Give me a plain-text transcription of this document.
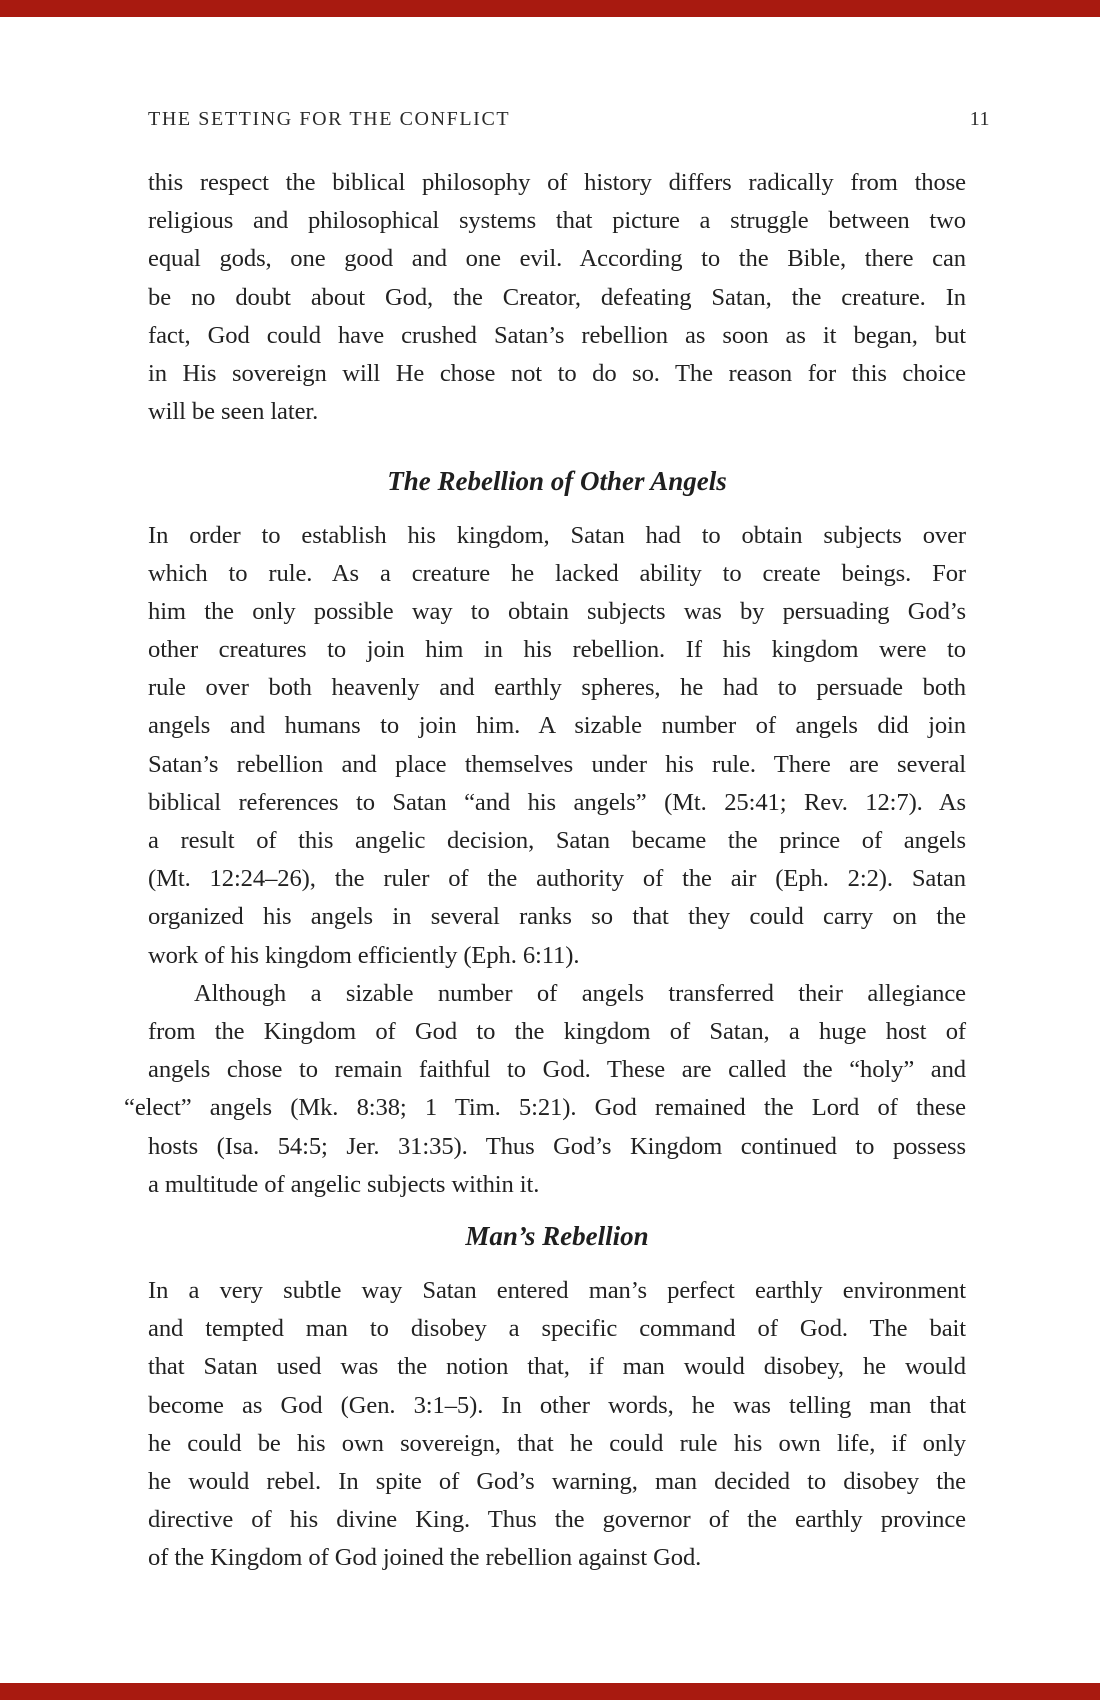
THE SETTING FOR THE CONFLICT	11
this respect the biblical philosophy of history differs radically from those
religious and philosophical systems that picture a struggle between two
equal gods, one good and one evil. According to the Bible, there can
be no doubt about God, the Creator, defeating Satan, the creature. In
fact, God could have crushed Satan’s rebellion as soon as it began, but
in His sovereign will He chose not to do so. The reason for this choice
will be seen later.
The Rebellion of Other Angels
In order to establish his kingdom, Satan had to obtain subjects over
which to rule. As a creature he lacked ability to create beings. For
him the only possible way to obtain subjects was by persuading God’s
other creatures to join him in his rebellion. If his kingdom were to
rule over both heavenly and earthly spheres, he had to persuade both
angels and humans to join him. A sizable number of angels did join
Satan’s rebellion and place themselves under his rule. There are several
biblical references to Satan “and his angels” (Mt. 25:41; Rev. 12:7). As
a result of this angelic decision, Satan became the prince of angels
(Mt. 12:24–26), the ruler of the authority of the air (Eph. 2:2). Satan
organized his angels in several ranks so that they could carry on the
work of his kingdom efficiently (Eph. 6:11).
Although a sizable number of angels transferred their allegiance
from the Kingdom of God to the kingdom of Satan, a huge host of
angels chose to remain faithful to God. These are called the “holy” and
“elect” angels (Mk. 8:38; 1 Tim. 5:21). God remained the Lord of these
hosts (Isa. 54:5; Jer. 31:35). Thus God’s Kingdom continued to possess
a multitude of angelic subjects within it.
Man’s Rebellion
In a very subtle way Satan entered man’s perfect earthly environment
and tempted man to disobey a specific command of God. The bait
that Satan used was the notion that, if man would disobey, he would
become as God (Gen. 3:1–5). In other words, he was telling man that
he could be his own sovereign, that he could rule his own life, if only
he would rebel. In spite of God’s warning, man decided to disobey the
directive of his divine King. Thus the governor of the earthly province
of the Kingdom of God joined the rebellion against God.
